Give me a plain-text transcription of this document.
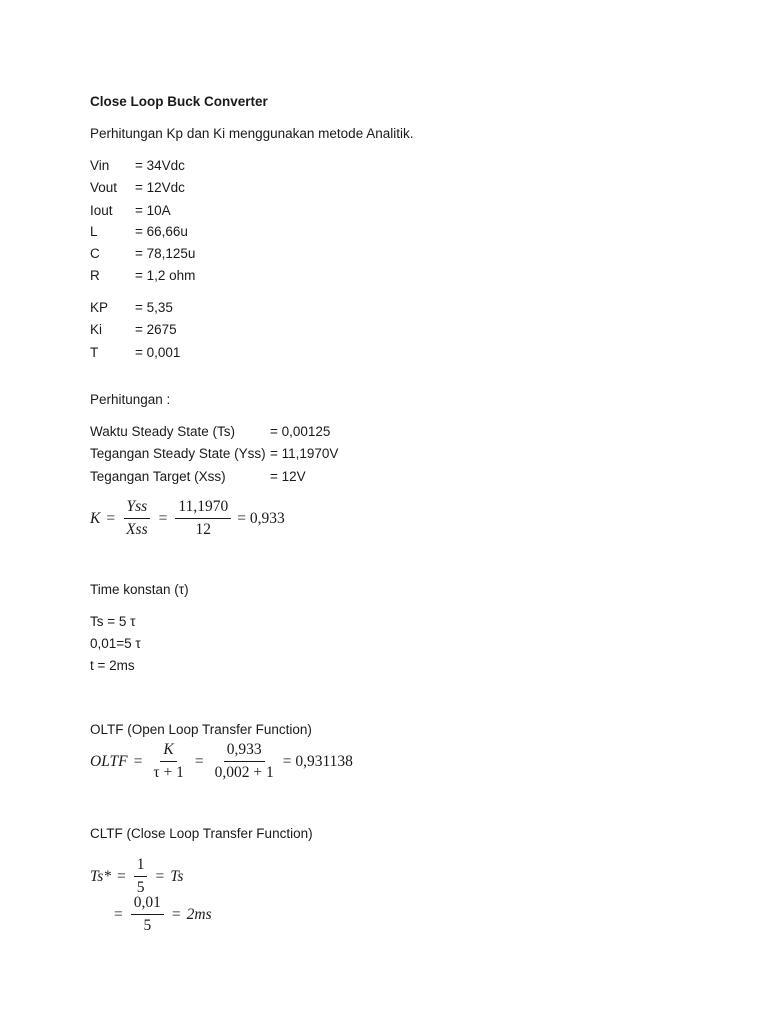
Close Loop Buck Converter
Perhitungan Kp dan Ki menggunakan metode Analitik.
Vin = 34Vdc
Vout = 12Vdc
Iout = 10A
L	= 66,66u
C	= 78,125u
R	= 1,2 ohm
KP = 5,35
Ki = 2675
T	= 0,001
Perhitungan :
Waktu Steady State (Ts)	= 0,00125
Tegangan Steady State (Yss) = 11,1970V
Tegangan Target (Xss)	= 12V
$K = \frac{\text{Yss}}{\text{Xss}} = \frac{11,1970}{12} = 0,933$
Time konstan (τ)
Ts = 5 τ
0,01=5 τ
t = 2ms
OLTF (Open Loop Transfer Function)
OLTF = $\frac{K}{\tau + 1} = \frac{0,933}{0,002 + 1} = 0,931138$
CLTF (Close Loop Transfer Function)
$Ts* = \frac{1}{5} = Ts$
= $\frac{0,01}{5} = 2ms$
